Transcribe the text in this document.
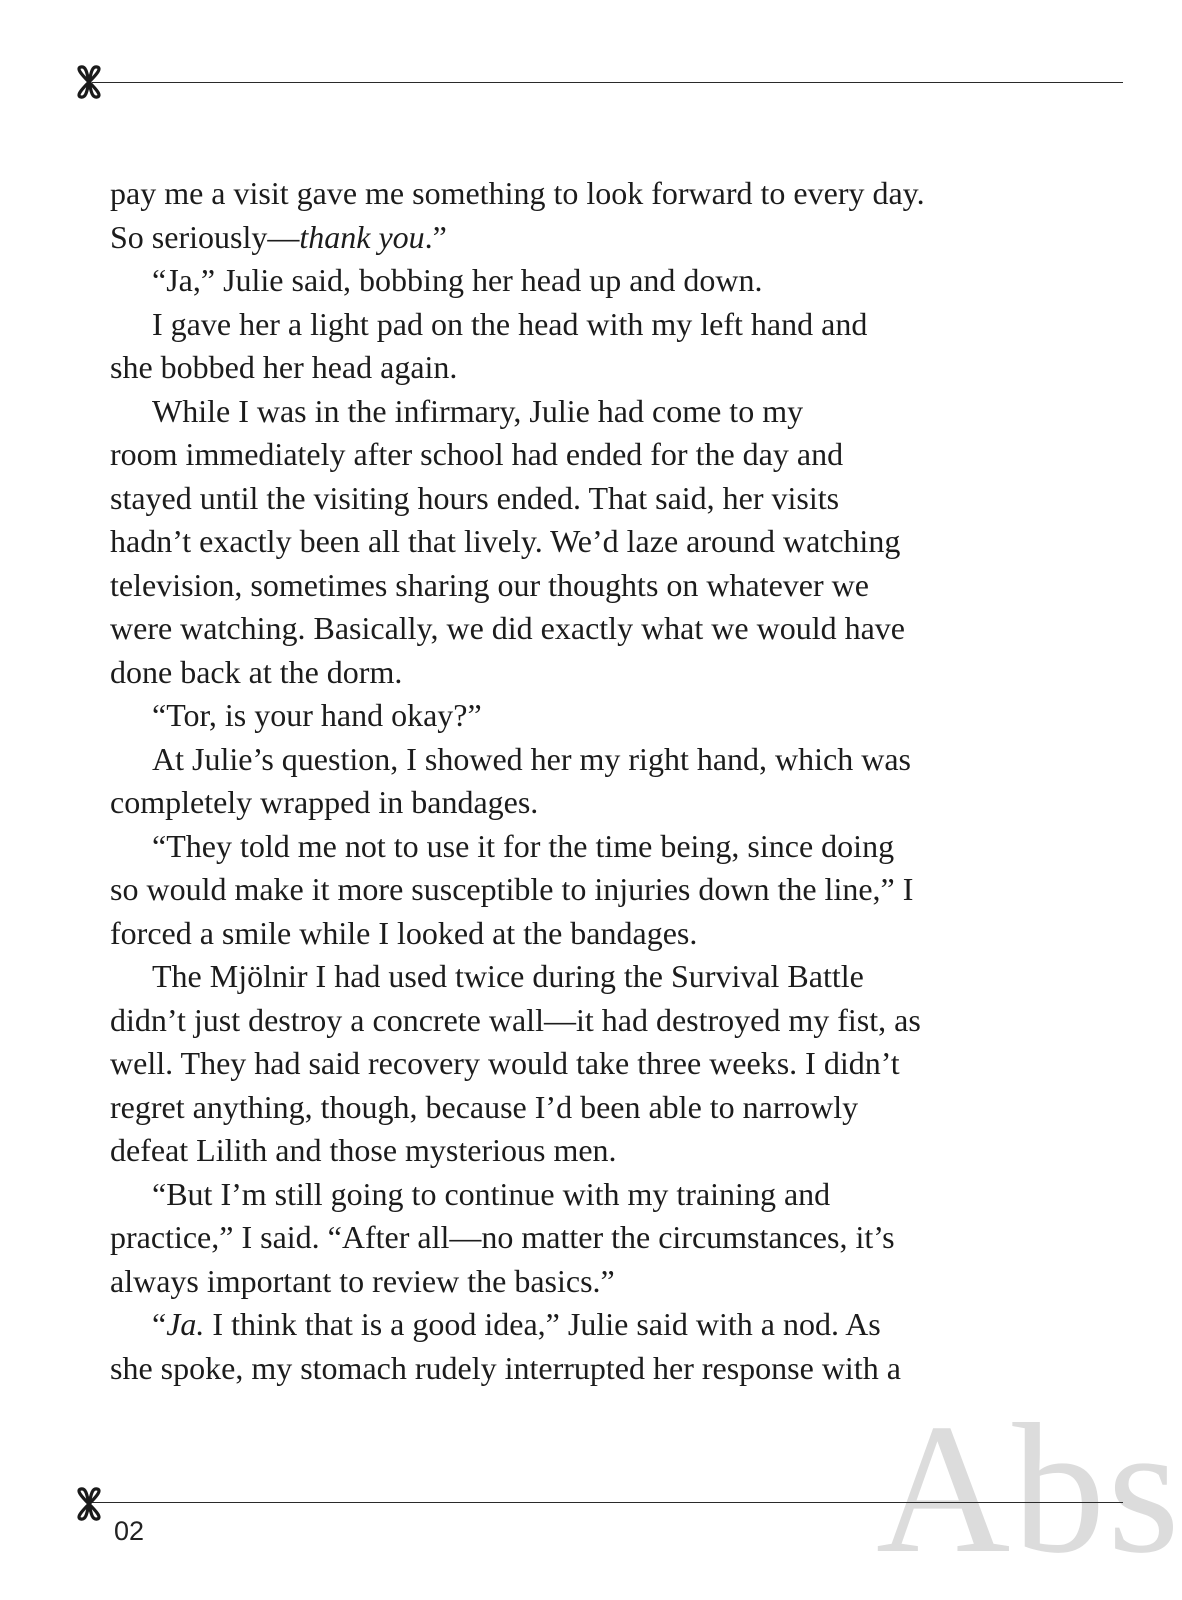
pay me a visit gave me something to look forward to every day.
So seriously—thank you.”

“Ja,” Julie said, bobbing her head up and down.

I gave her a light pad on the head with my left hand and
she bobbed her head again.

While I was in the infirmary, Julie had come to my
room immediately after school had ended for the day and
stayed until the visiting hours ended. That said, her visits
hadn’t exactly been all that lively. We’d laze around watching
television, sometimes sharing our thoughts on whatever we
were watching. Basically, we did exactly what we would have
done back at the dorm.

“Tor, is your hand okay?”

At Julie’s question, I showed her my right hand, which was
completely wrapped in bandages.

“They told me not to use it for the time being, since doing
so would make it more susceptible to injuries down the line,” I
forced a smile while I looked at the bandages.

The Mjölnir I had used twice during the Survival Battle
didn’t just destroy a concrete wall—it had destroyed my fist, as
well. They had said recovery would take three weeks. I didn’t
regret anything, though, because I’d been able to narrowly
defeat Lilith and those mysterious men.

“But I’m still going to continue with my training and
practice,” I said. “After all—no matter the circumstances, it’s
always important to review the basics.”

“Ja. I think that is a good idea,” Julie said with a nod. As
she spoke, my stomach rudely interrupted her response with a

Abs
02
